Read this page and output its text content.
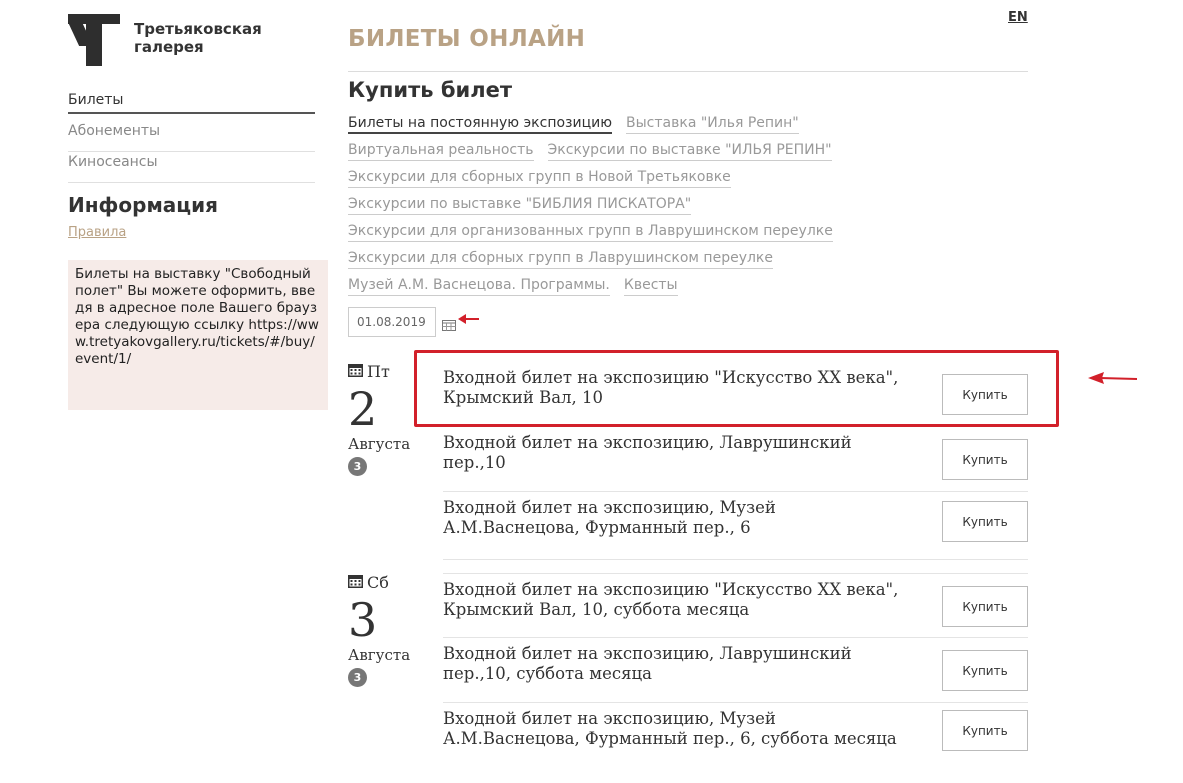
Третьяковская
галерея
EN
БИЛЕТЫ ОНЛАЙН
Билеты
Абонементы
Киносеансы
Информация
Правила
Билеты на выставку "Свободный полет" Вы можете оформить, введя в адресное поле Вашего браузера следующую ссылку https://www.tretyakovgallery.ru/tickets/#/buy/event/1/
Купить билет
Билеты на постоянную экспозицию Выставка "Илья Репин"
Виртуальная реальность Экскурсии по выставке "ИЛЬЯ РЕПИН"
Экскурсии для сборных групп в Новой Третьяковке
Экскурсии по выставке "БИБЛИЯ ПИСКАТОРА"
Экскурсии для организованных групп в Лаврушинском переулке
Экскурсии для сборных групп в Лаврушинском переулке
Музей А.М. Васнецова. Программы. Квесты
01.08.2019
Пт
2
Августа
3
Входной билет на экспозицию "Искусство XX века", Крымский Вал, 10	Купить
Входной билет на экспозицию, Лаврушинский пер.,10	Купить
Входной билет на экспозицию, Музей А.М.Васнецова, Фурманный пер., 6	Купить
Сб
3
Августа
3
Входной билет на экспозицию "Искусство XX века", Крымский Вал, 10, суббота месяца	Купить
Входной билет на экспозицию, Лаврушинский пер.,10, суббота месяца	Купить
Входной билет на экспозицию, Музей А.М.Васнецова, Фурманный пер., 6, суббота месяца	Купить
